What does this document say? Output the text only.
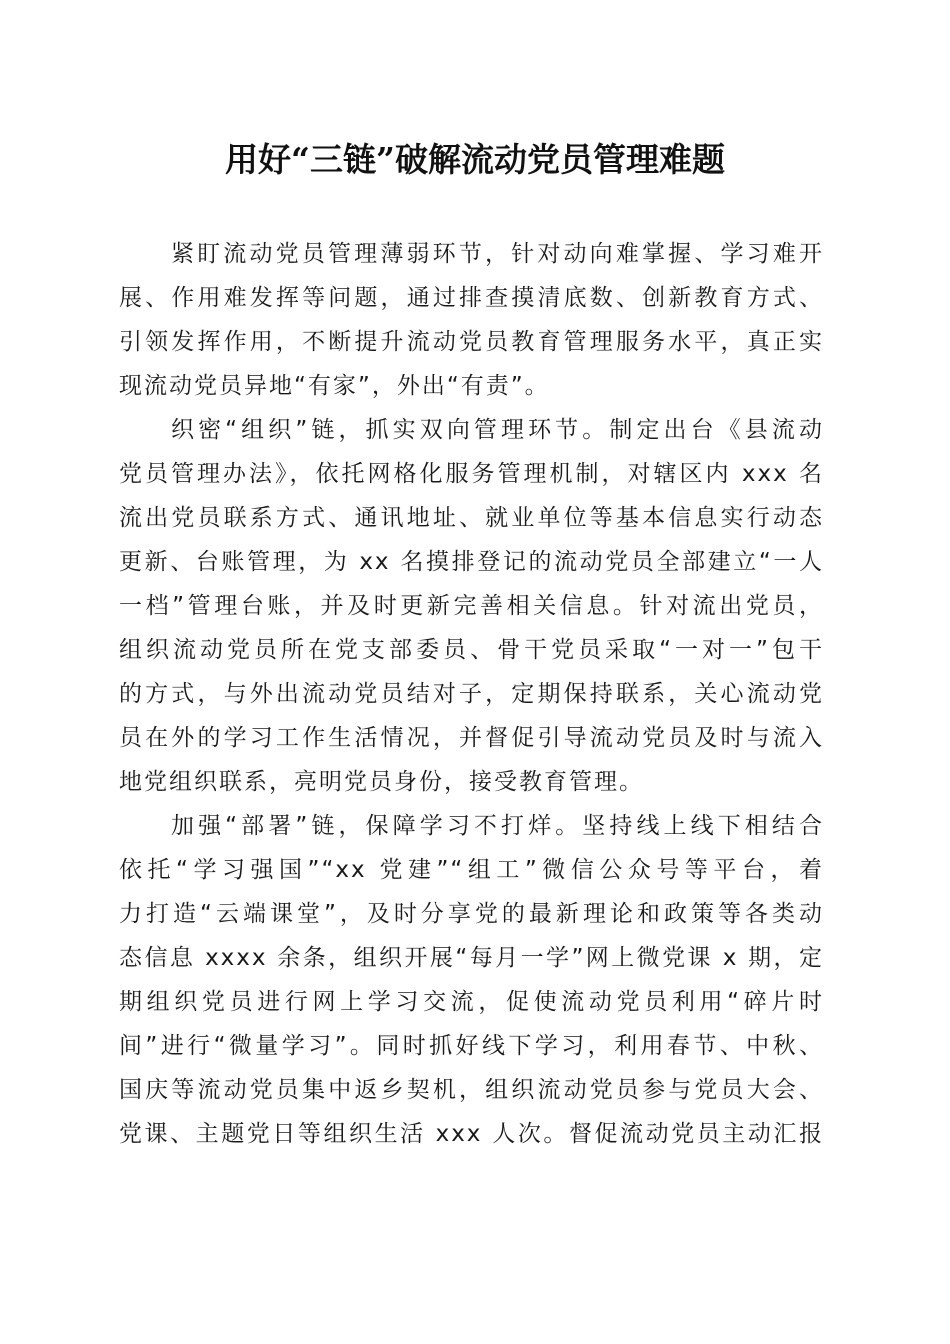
用好“三链”破解流动党员管理难题
紧盯流动党员管理薄弱环节，针对动向难掌握、学习难开
展、作用难发挥等问题，通过排查摸清底数、创新教育方式、
引领发挥作用，不断提升流动党员教育管理服务水平，真正实
现流动党员异地“有家”，外出“有责”。
织密“组织”链，抓实双向管理环节。制定出台《县流动
党员管理办法》，依托网格化服务管理机制，对辖区内 xxx 名
流出党员联系方式、通讯地址、就业单位等基本信息实行动态
更新、台账管理，为 xx 名摸排登记的流动党员全部建立“一人
一档”管理台账，并及时更新完善相关信息。针对流出党员，
组织流动党员所在党支部委员、骨干党员采取“一对一”包干
的方式，与外出流动党员结对子，定期保持联系，关心流动党
员在外的学习工作生活情况，并督促引导流动党员及时与流入
地党组织联系，亮明党员身份，接受教育管理。
加强“部署”链，保障学习不打烊。坚持线上线下相结合
依托“学习强国”“xx 党建”“组工”微信公众号等平台，着
力打造“云端课堂”，及时分享党的最新理论和政策等各类动
态信息 xxxx 余条，组织开展“每月一学”网上微党课 x 期，定
期组织党员进行网上学习交流，促使流动党员利用“碎片时
间”进行“微量学习”。同时抓好线下学习，利用春节、中秋、
国庆等流动党员集中返乡契机，组织流动党员参与党员大会、
党课、主题党日等组织生活 xxx 人次。督促流动党员主动汇报
